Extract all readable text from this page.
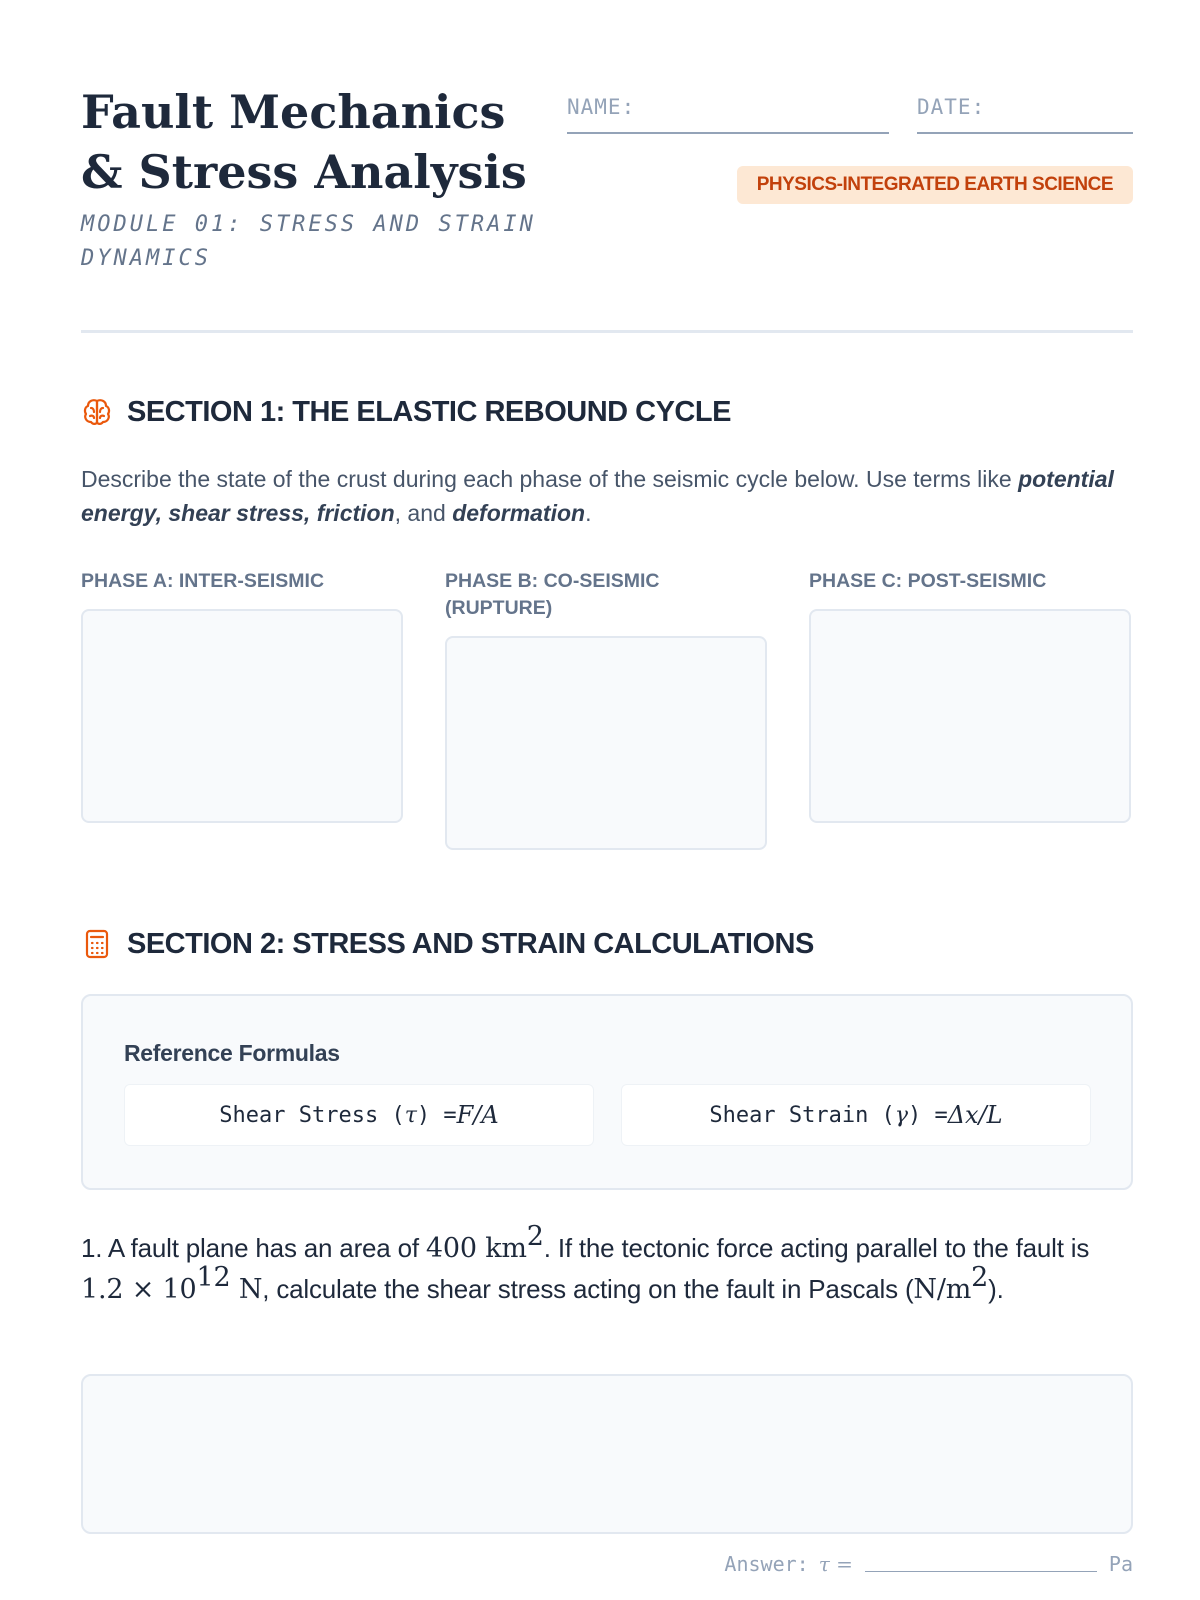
Fault Mechanics & Stress Analysis
MODULE 01: STRESS AND STRAIN DYNAMICS
NAME:	DATE:
PHYSICS-INTEGRATED EARTH SCIENCE
SECTION 1: THE ELASTIC REBOUND CYCLE

Describe the state of the crust during each phase of the seismic cycle below. Use terms like potential energy, shear stress, friction, and deformation.

PHASE A: INTER-SEISMIC	PHASE B: CO-SEISMIC (RUPTURE)
PHASE C: POST-SEISMIC
SECTION 2: STRESS AND STRAIN CALCULATIONS
Reference Formulas
Shear Stress ( τ ) = F/A	Shear Strain ( γ ) = Δx/L

1. A fault plane has an area of 400 $km^2$. If the tectonic force acting parallel to the fault is $1.2 \times 10^{12}$ N, calculate the shear stress acting on the fault in Pascals $(N/m^2)$.

Answer: τ =	Pa
